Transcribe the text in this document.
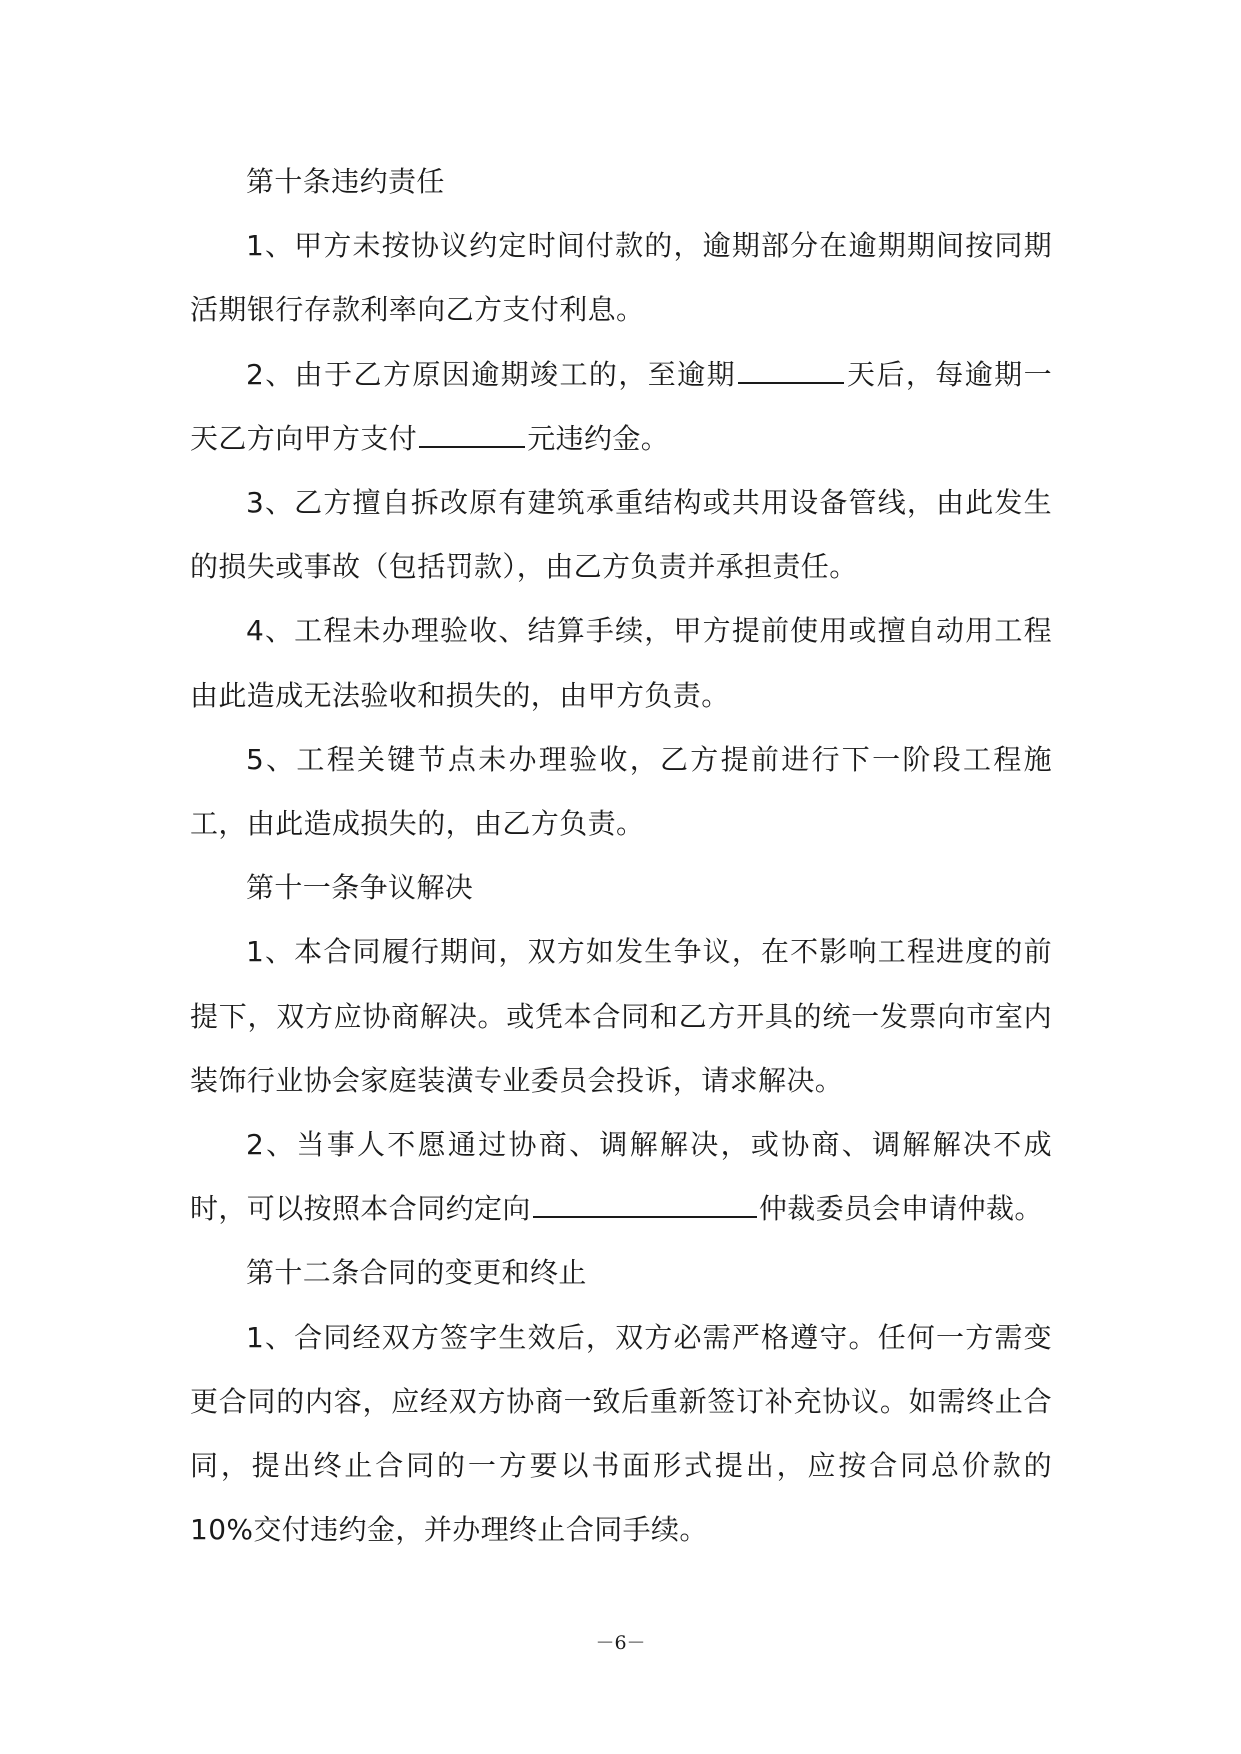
第十条违约责任

1、甲方未按协议约定时间付款的，逾期部分在逾期期间按同期活期银行存款利率向乙方支付利息。

2、由于乙方原因逾期竣工的，至逾期	天后，每逾期一天乙方向甲方支付	元违约金。

3、乙方擅自拆改原有建筑承重结构或共用设备管线，由此发生的损失或事故（包括罚款），由乙方负责并承担责任。

4、工程未办理验收、结算手续，甲方提前使用或擅自动用工程由此造成无法验收和损失的，由甲方负责。

5、工程关键节点未办理验收，乙方提前进行下一阶段工程施工，由此造成损失的，由乙方负责。

第十一条争议解决

1、本合同履行期间，双方如发生争议，在不影响工程进度的前提下，双方应协商解决。或凭本合同和乙方开具的统一发票向市室内装饰行业协会家庭装潢专业委员会投诉，请求解决。

2、当事人不愿通过协商、调解解决，或协商、调解解决不成时，可以按照本合同约定向	仲裁委员会申请仲裁。

第十二条合同的变更和终止

1、合同经双方签字生效后，双方必需严格遵守。任何一方需变更合同的内容，应经双方协商一致后重新签订补充协议。如需终止合同，提出终止合同的一方要以书面形式提出，应按合同总价款的 10%交付违约金，并办理终止合同手续。

－6－
